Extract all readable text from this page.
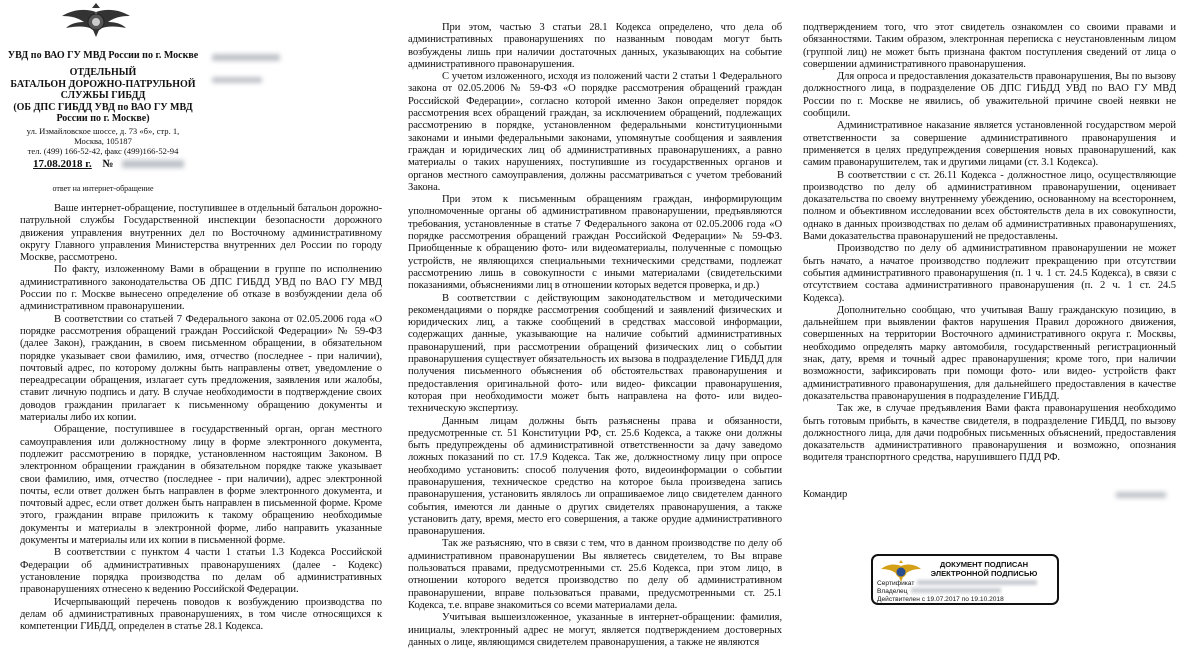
УВД по ВАО ГУ МВД России по г. Москве
ОТДЕЛЬНЫЙ
БАТАЛЬОН ДОРОЖНО-ПАТРУЛЬНОЙ
СЛУЖБЫ ГИБДД
(ОБ ДПС ГИБДД УВД по ВАО ГУ МВД
России по г. Москве)
ул. Измайловское шоссе, д. 73 «б», стр. 1,
Москва, 105187
тел. (499) 166-52-42, факс (499)166-52-94
17.08.2018 г. №
ответ на интернет-обращение

Ваше интернет-обращение, поступившее в отдельный батальон дорожно-патрульной службы Государственной инспекции безопасности дорожного движения управления внутренних дел по Восточному административному округу Главного управления Министерства внутренних дел России по городу Москве, рассмотрено.

По факту, изложенному Вами в обращении в группе по исполнению административного законодательства ОБ ДПС ГИБДД УВД по ВАО ГУ МВД России по г. Москве вынесено определение об отказе в возбуждении дела об административном правонарушении.

В соответствии со статьей 7 Федерального закона от 02.05.2006 года «О порядке рассмотрения обращений граждан Российской Федерации» № 59-ФЗ (далее Закон), гражданин, в своем письменном обращении, в обязательном порядке указывает свои фамилию, имя, отчество (последнее - при наличии), почтовый адрес, по которому должны быть направлены ответ, уведомление о переадресации обращения, излагает суть предложения, заявления или жалобы, ставит личную подпись и дату. В случае необходимости в подтверждение своих доводов гражданин прилагает к письменному обращению документы и материалы либо их копии.

Обращение, поступившее в государственный орган, орган местного самоуправления или должностному лицу в форме электронного документа, подлежит рассмотрению в порядке, установленном настоящим Законом. В электронном обращении гражданин в обязательном порядке также указывает свои фамилию, имя, отчество (последнее - при наличии), адрес электронной почты, если ответ должен быть направлен в форме электронного документа, и почтовый адрес, если ответ должен быть направлен в письменной форме. Кроме этого, гражданин вправе приложить к такому обращению необходимые документы и материалы в электронной форме, либо направить указанные документы и материалы или их копии в письменной форме.

В соответствии с пунктом 4 части 1 статьи 1.3 Кодекса Российской Федерации об административных правонарушениях (далее - Кодекс) установление порядка производства по делам об административных правонарушениях отнесено к ведению Российской Федерации.

Исчерпывающий перечень поводов к возбуждению производства по делам об административных правонарушениях, в том числе относящихся к компетенции ГИБДД, определен в статье 28.1 Кодекса.

При этом, частью 3 статьи 28.1 Кодекса определено, что дела об административных правонарушениях по названным поводам могут быть возбуждены лишь при наличии достаточных данных, указывающих на событие административного правонарушения.

С учетом изложенного, исходя из положений части 2 статьи 1 Федерального закона от 02.05.2006 № 59-ФЗ «О порядке рассмотрения обращений граждан Российской Федерации», согласно которой именно Закон определяет порядок рассмотрения всех обращений граждан, за исключением обращений, подлежащих рассмотрению в порядке, установленном федеральными конституционными законами и иными федеральными законами, упомянутые сообщения и заявления граждан и юридических лиц об административных правонарушениях, а равно материалы о таких нарушениях, поступившие из государственных органов и органов местного самоуправления, должны рассматриваться с учетом требований Закона.

При этом к письменным обращениям граждан, информирующим уполномоченные органы об административном правонарушении, предъявляются требования, установленные в статье 7 Федерального закона от 02.05.2006 года «О порядке рассмотрения обращений граждан Российской Федерации» № 59-ФЗ. Приобщенные к обращению фото- или видеоматериалы, полученные с помощью устройств, не являющихся специальными техническими средствами, подлежат рассмотрению лишь в совокупности с иными материалами (свидетельскими показаниями, объяснениями лиц в отношении которых ведется проверка, и др.)

В соответствии с действующим законодательством и методическими рекомендациями о порядке рассмотрения сообщений и заявлений физических и юридических лиц, а также сообщений в средствах массовой информации, содержащих данные, указывающие на наличие событий административных правонарушений, при рассмотрении обращений физических лиц о событии правонарушения существует обязательность их вызова в подразделение ГИБДД для получения письменного объяснения об обстоятельствах правонарушения и предоставления оригинальной фото- или видео- фиксации правонарушения, которая при необходимости может быть направлена на фото- или видео- техническую экспертизу.

Данным лицам должны быть разъяснены права и обязанности, предусмотренные ст. 51 Конституции РФ, ст. 25.6 Кодекса, а также они должны быть предупреждены об административной ответственности за дачу заведомо ложных показаний по ст. 17.9 Кодекса. Так же, должностному лицу при опросе необходимо установить: способ получения фото, видеоинформации о событии правонарушения, техническое средство на которое была произведена запись правонарушения, установить являлось ли опрашиваемое лицо свидетелем данного события, имеются ли данные о других свидетелях правонарушения, а также установить дату, время, место его совершения, а также орудие административного правонарушения.

Так же разъясняю, что в связи с тем, что в данном производстве по делу об административном правонарушении Вы являетесь свидетелем, то Вы вправе пользоваться правами, предусмотренными ст. 25.6 Кодекса, при этом лицо, в отношении которого ведется производство по делу об административном правонарушении, вправе пользоваться правами, предусмотренными ст. 25.1 Кодекса, т.е. вправе знакомиться со всеми материалами дела.

Учитывая вышеизложенное, указанные в интернет-обращении: фамилия, инициалы, электронный адрес не могут, является подтверждением достоверных данных о лице, являющимся свидетелем правонарушения, а также не являются

подтверждением того, что этот свидетель ознакомлен со своими правами и обязанностями. Таким образом, электронная переписка с неустановленным лицом (группой лиц) не может быть признана фактом поступления сведений от лица о совершении административного правонарушения.

Для опроса и предоставления доказательств правонарушения, Вы по вызову должностного лица, в подразделение ОБ ДПС ГИБДД УВД по ВАО ГУ МВД России по г. Москве не явились, об уважительной причине своей неявки не сообщили.

Административное наказание является установленной государством мерой ответственности за совершение административного правонарушения и применяется в целях предупреждения совершения новых правонарушений, как самим правонарушителем, так и другими лицами (ст. 3.1 Кодекса).

В соответствии с ст. 26.11 Кодекса - должностное лицо, осуществляющие производство по делу об административном правонарушении, оценивает доказательства по своему внутреннему убеждению, основанному на всестороннем, полном и объективном исследовании всех обстоятельств дела в их совокупности, однако в данных производствах по делам об административных правонарушениях, Вами доказательства правонарушений не предоставлены.

Производство по делу об административном правонарушении не может быть начато, а начатое производство подлежит прекращению при отсутствии события административного правонарушения (п. 1 ч. 1 ст. 24.5 Кодекса), в связи с отсутствием состава административного правонарушения (п. 2 ч. 1 ст. 24.5 Кодекса).

Дополнительно сообщаю, что учитывая Вашу гражданскую позицию, в дальнейшем при выявлении фактов нарушения Правил дорожного движения, совершенных на территории Восточного административного округа г. Москвы, необходимо определять марку автомобиля, государственный регистрационный знак, дату, время и точный адрес правонарушения; кроме того, при наличии возможности, зафиксировать при помощи фото- или видео- устройств факт административного правонарушения, для дальнейшего предоставления в качестве доказательства правонарушения в подразделение ГИБДД.

Так же, в случае предъявления Вами факта правонарушения необходимо быть готовым прибыть, в качестве свидетеля, в подразделение ГИБДД, по вызову должностного лица, для дачи подробных письменных объяснений, предоставления доказательств административного правонарушения и возможно, опознания водителя транспортного средства, нарушившего ПДД РФ.

Командир
ДОКУМЕНТ ПОДПИСАН
ЭЛЕКТРОННОЙ ПОДПИСЬЮ
Сертификат
Владелец
Действителен с 19.07.2017 по 19.10.2018
